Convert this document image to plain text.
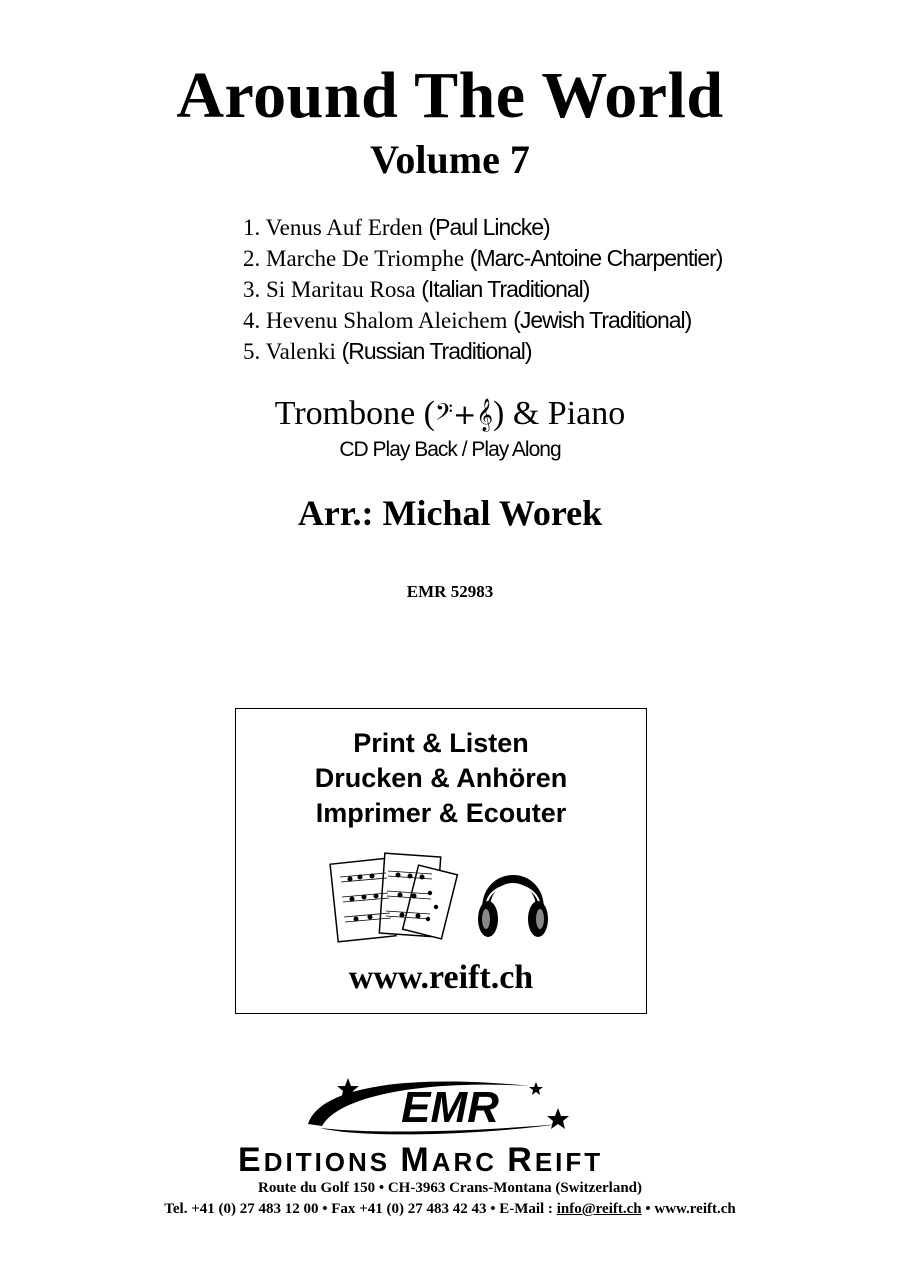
Around The World
Volume 7
1. Venus Auf Erden (Paul Lincke)
2. Marche De Triomphe (Marc-Antoine Charpentier)
3. Si Maritau Rosa (Italian Traditional)
4. Hevenu Shalom Aleichem (Jewish Traditional)
5. Valenki (Russian Traditional)
Trombone (𝄢+𝄞) & Piano
CD Play Back / Play Along
Arr.: Michal Worek
EMR 52983
Print & Listen
Drucken & Anhören
Imprimer & Ecouter
www.reift.ch
EMR
EDITIONS MARC REIFT
Route du Golf 150 • CH-3963 Crans-Montana (Switzerland)
Tel. +41 (0) 27 483 12 00 • Fax +41 (0) 27 483 42 43 • E-Mail : info@reift.ch • www.reift.ch
